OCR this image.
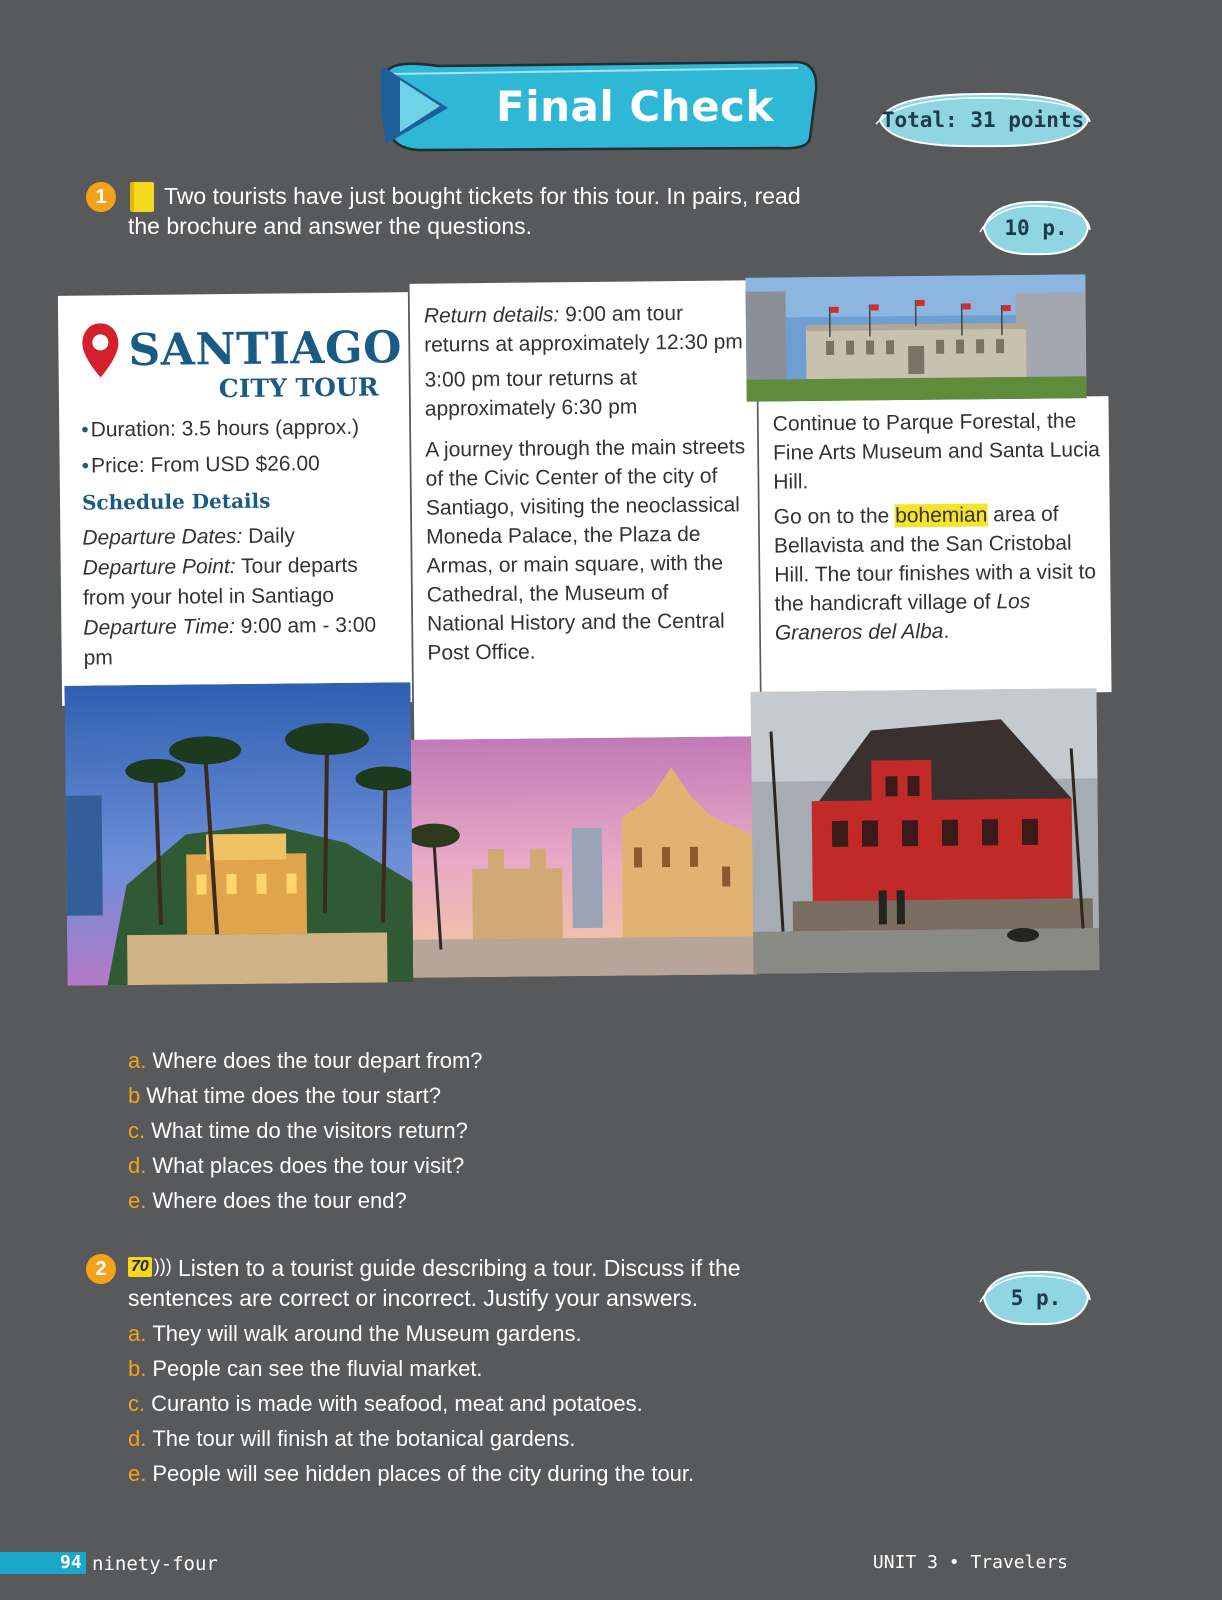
Final Check	Total: 31 points
1	Two tourists have just bought tickets for this tour. In pairs, read
the brochure and answer the questions.	10 p.
SANTIAGO
CITY TOUR
• Duration: 3.5 hours (approx.)
• Price: From USD $26.00
Schedule Details
Departure Dates: Daily
Departure Point: Tour departs from your hotel in Santiago
Departure Time: 9:00 am - 3:00 pm

Return details: 9:00 am tour returns at approximately 12:30 pm

3:00 pm tour returns at approximately 6:30 pm

A journey through the main streets of the Civic Center of the city of Santiago, visiting the neoclassical Moneda Palace, the Plaza de Armas, or main square, with the Cathedral, the Museum of National History and the Central Post Office.

Continue to Parque Forestal, the Fine Arts Museum and Santa Lucia Hill.

Go on to the bohemian area of Bellavista and the San Cristobal Hill. The tour finishes with a visit to the handicraft village of Los Graneros del Alba.

a. Where does the tour depart from?
b What time does the tour start?
c. What time do the visitors return?
d. What places does the tour visit?
e. Where does the tour end?
2	70 ))) Listen to a tourist guide describing a tour. Discuss if the
sentences are correct or incorrect. Justify your answers.	5 p.
a. They will walk around the Museum gardens.
b. People can see the fluvial market.
c. Curanto is made with seafood, meat and potatoes.
d. The tour will finish at the botanical gardens.
e. People will see hidden places of the city during the tour.
94 ninety-four	UNIT 3 • Travelers
